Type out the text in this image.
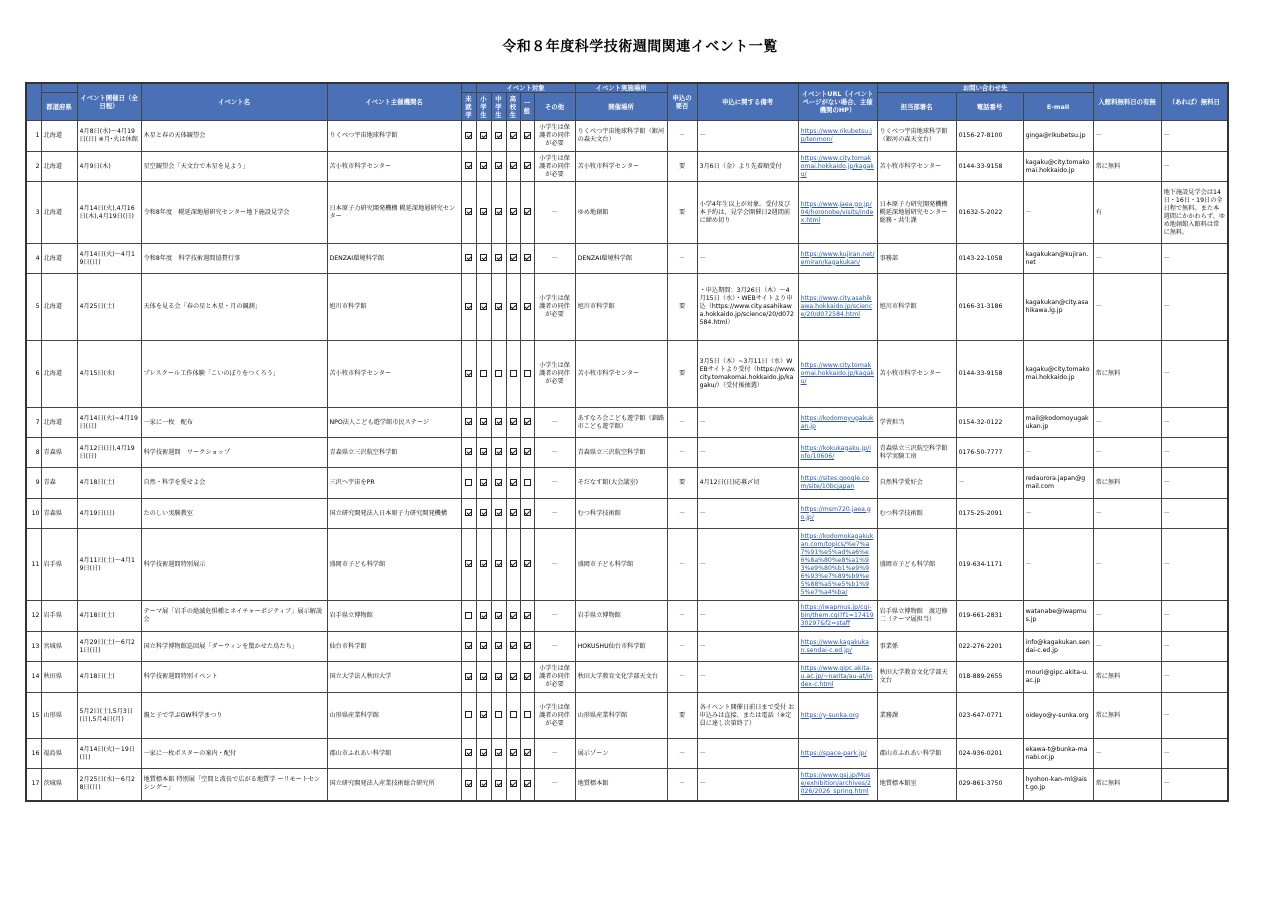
令和８年度科学技術週間関連イベント一覧
		イベント開催日（全日程）	イベント名	イベント主催機関名		イベント対象					イベント実施場所	申込の要否	申込に関する備考	イベントURL（イベントページがない場合、主催機関のHP）	お問い合わせ先			入館料無料日の有無	（あれば）無料日
	都道府県				未就学	小学生	中学生	高校生	一般	その他	開催場所				担当部署名	電話番号	E-mail		
1	北海道	4月8日(水)～4月19日(日) ※月･火は休館	木星と春の天体観望会	りくべつ宇宙地球科学館						小学生は保護者の同伴が必要	りくべつ宇宙地球科学館（銀河の森天文台）	－	－	https://www.rikubetsu.jp/tenmon/	りくべつ宇宙地球科学館（銀河の森天文台）	0156-27-8100	ginga@rikubetsu.jp	－	－
2	北海道	4月9日(木)	星空観望会「天文台で木星を見よう」	苫小牧市科学センター						小学生は保護者の同伴が必要	苫小牧市科学センター	要	3月6日（金）より先着順受付	https://www.city.tomakomai.hokkaido.jp/kagaku/	苫小牧市科学センター	0144-33-9158	kagaku@city.tomakomai.hokkaido.jp	常に無料	－
3	北海道	4月14日(火),4月16日(木),4月19日(日)	令和8年度　幌延深地層研究センター地下施設見学会	日本原子力研究開発機構 幌延深地層研究センター						－	ゆめ地創館	要	小学4年生以上が対象。受付及び本予約は、見学会開催日2週間前に締め切り	https://www.jaea.go.jp/04/horonobe/visits/index.html	日本原子力研究開発機構 幌延深地層研究センター　総務・共生課	01632-5-2022	－	有	地下施設見学会は14日・16日・19日の全日程で無料。また本週間にかかわらず、ゆめ地創館入館料は常に無料。
4	北海道	4月14日(火)～4月19日(日)	令和8年度　科学技術週間協賛行事	DENZAI環境科学館						－	DENZAI環境科学館	－	－	https://www.kujiran.net/emiran/kagakukan/	事務部	0143-22-1058	kagakukan@kujiran.net	－	－
5	北海道	4月25日(土)	天体を見る会「春の星と木星・月の観測」	旭川市科学館						小学生は保護者の同伴が必要	旭川市科学館	要	・申込期間：3月26日（木）～4月15日（水）・WEBサイトより申込（https://www.city.asahikawa.hokkaido.jp/science/20/d072584.html）	https://www.city.asahikawa.hokkaido.jp/science/20/d072584.html	旭川市科学館	0166-31-3186	kagakukan@city.asahikawa.lg.jp	－	－
6	北海道	4月15日(水)	プレスクール工作体験「こいのぼりをつくろう」	苫小牧市科学センター						小学生は保護者の同伴が必要	苫小牧市科学センター	要	3月5日（木）~3月11日（水）WEBサイトより受付（https://www.city.tomakomai.hokkaido.jp/kagaku/）（受付後抽選）	https://www.city.tomakomai.hokkaido.jp/kagaku/	苫小牧市科学センター	0144-33-9158	kagaku@city.tomakomai.hokkaido.jp	常に無料	－
7	北海道	4月14日(火)~4月19日(日)	一家に一枚　配布	NPO法人こども遊学館市民ステージ						－	あすなろ会こども遊学館（釧路市こども遊学館）	－	－	https://kodomoyugakukan.jp	学習担当	0154-32-0122	mail@kodomoyugakukan.jp	－	－
8	青森県	4月12日(日),4月19日(日)	科学技術週間　ワークショップ	青森県立三沢航空科学館						－	青森県立三沢航空科学館	－	－	https://kokukagaku.jp/info/10606/	青森県立三沢航空科学館　科学実験工房	0176-50-7777	－	－	－
9	青森	4月18日(土)	自然・科学を愛せよ会	三沢へ宇宙をPR						－	そだなす館(大会議室)	要	4月12日(日)応募〆切	https://sites.google.com/site/10bcjapan	自然科学愛好会	－	redaurora.japan@gmail.com	常に無料	－
10	青森県	4月19日(日)	たのしい実験教室	国立研究開発法人日本原子力研究開発機構						－	むつ科学技術館	－	－	https://msm720.jaea.go.jp/	むつ科学技術館	0175-25-2091	－	－	－
11	岩手県	4月11日(土)～4月19日(日)	科学技術週間特別展示	盛岡市子ども科学館						－	盛岡市子ども科学館	－	－	https://kodomokagakukan.com/topics/%e7%a7%91%e5%ad%a6%e6%8a%80%e8%a1%93%e9%80%b1%e9%96%93%e7%89%b9%e5%88%a5%e5%b1%95%e7%a4%ba/	盛岡市子ども科学館	019-634-1171	－	－	－
12	岩手県	4月18日(土)	テーマ展「岩手の絶滅危惧種とネイチャーポジティブ」展示解説会	岩手県立博物館						－	岩手県立博物館	－	－	https://iwapmus.jp/cgi-bin/them.cgi?f1=1741930297&f2=staff	岩手県立博物館　渡辺修二（テーマ展担当）	019-661-2831	watanabe@iwapmus.jp	－	－
13	宮城県	4月29日(土)～6月21日(日)	国立科学博物館巡回展「ダーウィンを驚かせた鳥たち」	仙台市科学館						－	HOKUSHU仙台市科学館	－	－	https://www.kagakukan.sendai-c.ed.jp/	事業係	022-276-2201	info@kagakukan.sendai-c.ed.jp	－	－
14	秋田県	4月18日(土)	科学技術週間特別イベント	国立大学法人秋田大学						小学生は保護者の同伴が必要	秋田大学教育文化学部天文台	－	－	https://www.gipc.akita-u.ac.jp/~narita/au-at/index-c.html	秋田大学教育文化学部天文台	018-889-2655	mouri@gipc.akita-u.ac.jp	常に無料	－
15	山形県	5月2日(土),5月3日(日),5月4日(月)	親と子で学ぶGW科学まつり	山形県産業科学館						小学生は保護者の同伴が必要	山形県産業科学館	要	各イベント開催日前日まで受付 お申込みは直接、または電話（※定員に達し次第終了）	https://y-sunka.org	業務課	023-647-0771	oideyo@y-sunka.org	常に無料	－
16	福島県	4月14日(火)～19日(日)	一家に一枚ポスターの案内・配付	郡山市ふれあい科学館						－	展示ゾーン	－	－	https://space-park.jp/	郡山市ふれあい科学館	024-936-0201	ekawa-t@bunka-manabi.or.jp	－	－
17	茨城県	2月25日(水)～6月28日(日)	地質標本館 特別展「空間と波長で広がる地質学 ーリモートセンシングー」	国立研究開発法人産業技術総合研究所						－	地質標本館	－	－	https://www.gsj.jp/Muse/exhibition/archives/2026/2026_spring.html	地質標本館室	029-861-3750	hyohon-kan-ml@aist.go.jp	常に無料	－
